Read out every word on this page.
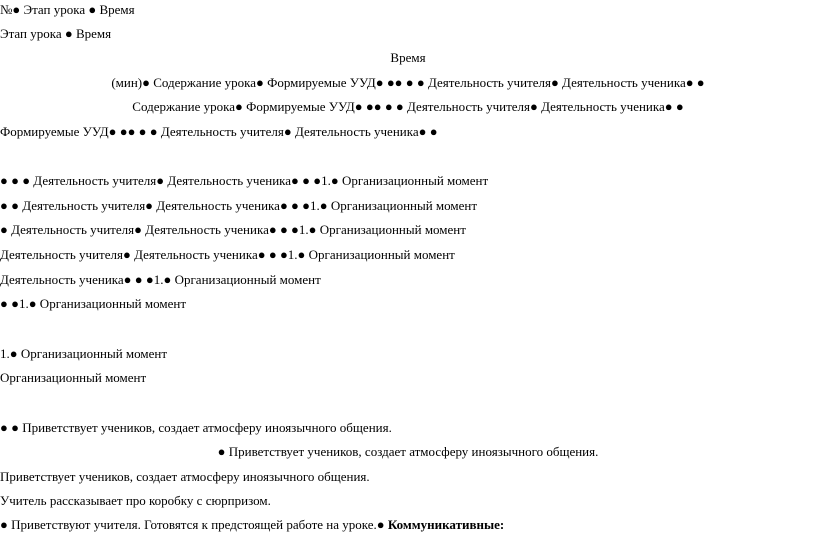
№● Этап урока ● Время
Этап урока ● Время
Время
(мин)● Содержание урока● Формируемые УУД● ●● ● ● Деятельность учителя● Деятельность ученика● ●
Содержание урока● Формируемые УУД● ●● ● ● Деятельность учителя● Деятельность ученика● ●
Формируемые УУД● ●● ● ● Деятельность учителя● Деятельность ученика● ●
● ● ● Деятельность учителя● Деятельность ученика● ● ●1.● Организационный момент
● ● Деятельность учителя● Деятельность ученика● ● ●1.● Организационный момент
● Деятельность учителя● Деятельность ученика● ● ●1.● Организационный момент
Деятельность учителя● Деятельность ученика● ● ●1.● Организационный момент
Деятельность ученика● ● ●1.● Организационный момент
● ●1.● Организационный момент
1.● Организационный момент
Организационный момент
● ● Приветствует учеников, создает атмосферу иноязычного общения.
● Приветствует учеников, создает атмосферу иноязычного общения.
Приветствует учеников, создает атмосферу иноязычного общения.
Учитель рассказывает про коробку с сюрпризом.
● Приветствуют учителя. Готовятся к предстоящей работе на уроке.● Коммуникативные:
